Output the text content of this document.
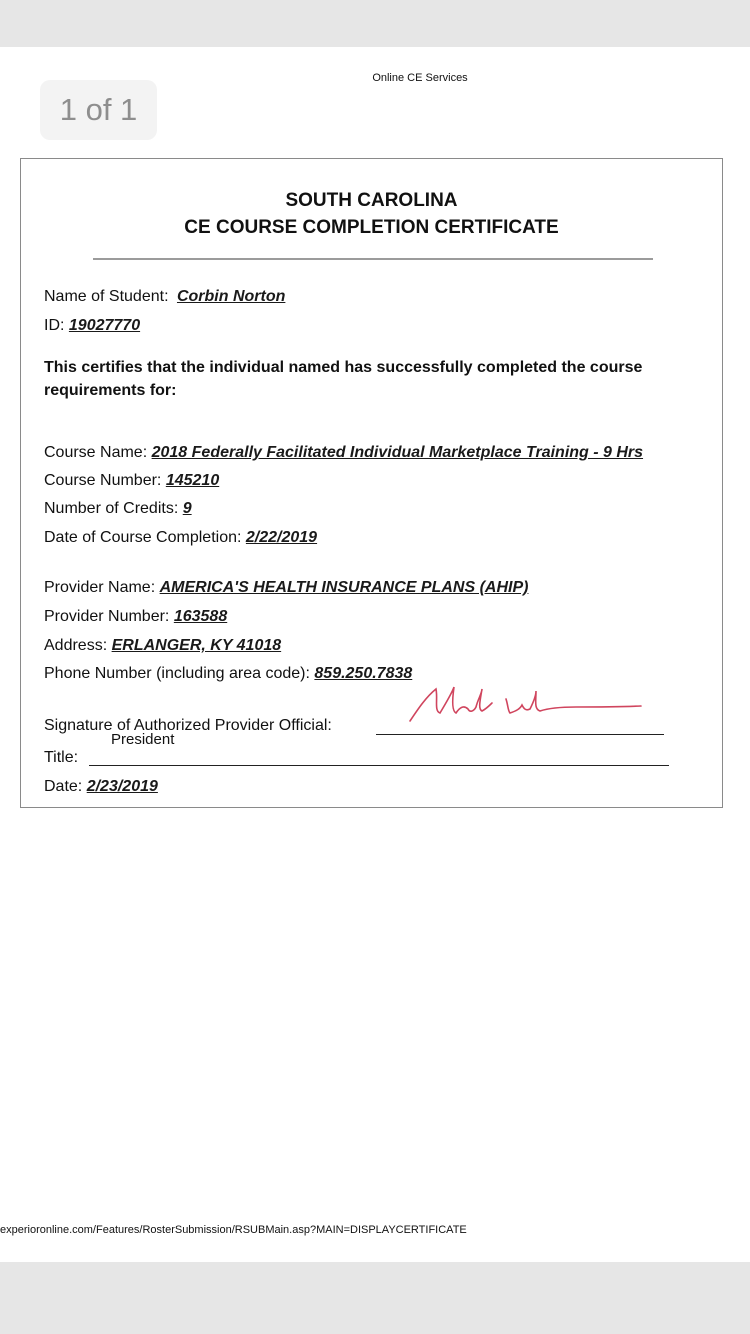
1 of 1
Online CE Services
SOUTH CAROLINA
CE COURSE COMPLETION CERTIFICATE
Name of Student: Corbin Norton
ID: 19027770
This certifies that the individual named has successfully completed the course requirements for:
Course Name: 2018 Federally Facilitated Individual Marketplace Training - 9 Hrs
Course Number: 145210
Number of Credits: 9
Date of Course Completion: 2/22/2019
Provider Name: AMERICA'S HEALTH INSURANCE PLANS (AHIP)
Provider Number: 163588
Address: ERLANGER, KY 41018
Phone Number (including area code): 859.250.7838
Signature of Authorized Provider Official:
Title:
President
Date: 2/23/2019
experioronline.com/Features/RosterSubmission/RSUBMain.asp?MAIN=DISPLAYCERTIFICATE
